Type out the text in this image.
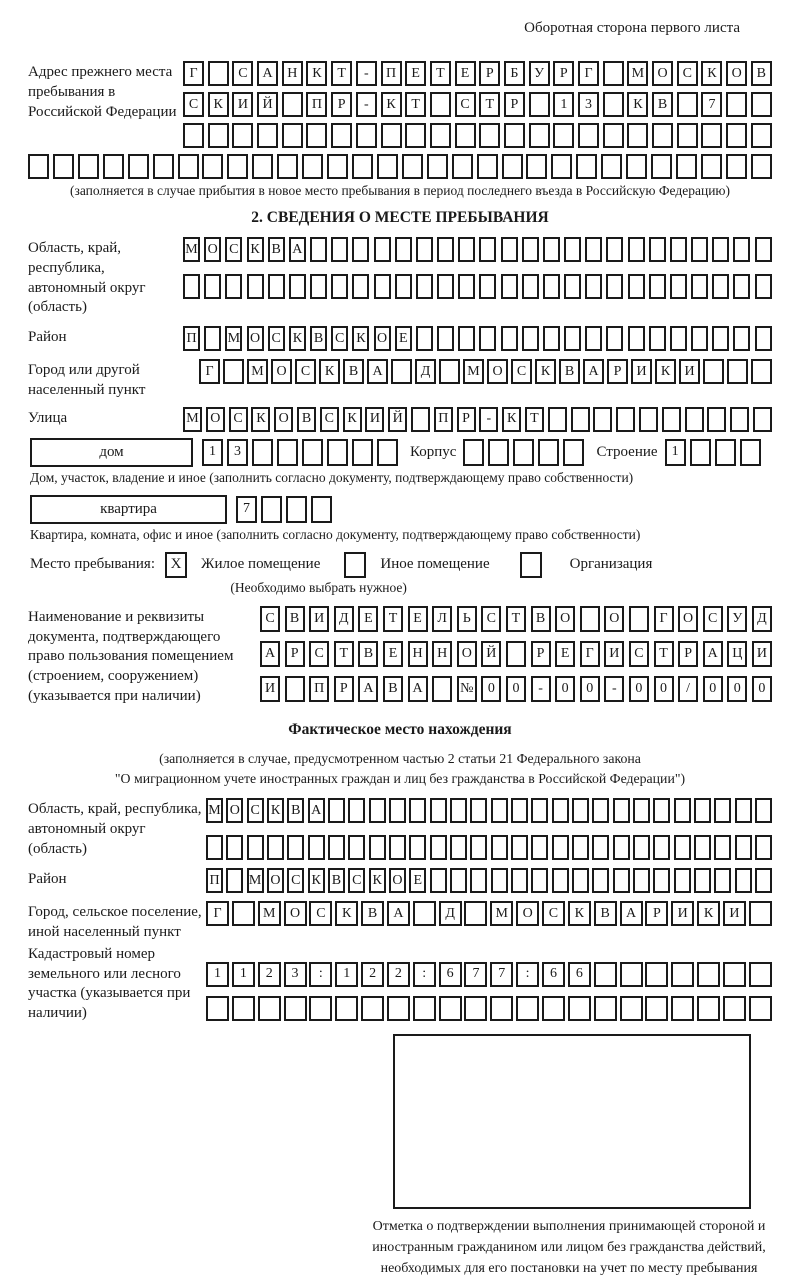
Оборотная сторона первого листа
Адрес прежнего места пребывания в Российской Федерации
Г	С	А	Н	К	Т	-	П	Е	Т	Е	Р	Б	У	Р	Г	М О	С	К	О	В
С	К	И	Й	П	Р	-	К	Т	С	Т	Р	1	3	К	В	7
(заполняется в случае прибытия в новое место пребывания в период последнего въезда в Российскую Федерацию)
2. СВЕДЕНИЯ О МЕСТЕ ПРЕБЫВАНИЯ
Область, край, республика, автономный округ (область)
М О С К В А
Район	П М О С К В С К О Е
Город или другой населенный пункт
Г	М О	С	К	В	А	Д	М О	С	К	В	А	Р	И	К	И
Улица	М О С К О В С К И Й	П Р	-	К Т
дом	1	3	Корпус	Строение	1
Дом, участок, владение и иное (заполнить согласно документу, подтверждающему право собственности)
квартира	7
Квартира, комната, офис и иное (заполнить согласно документу, подтверждающему право собственности)
Место пребывания:	X	Жилое помещение	Иное помещение	Организация
(Необходимо выбрать нужное)
Наименование и реквизиты документа, подтверждающего право пользования помещением (строением, сооружением) (указывается при наличии)
С	В	И	Д	Е	Т	Е	Л	Ь	С	Т	В	О	О	Г	О	С	У	Д
А	Р	С	Т	В	Е	Н	Н	О	Й	Р	Е	Г	И	С	Т	Р	А	Ц	И
И	П	Р	А	В	А	№	0	0	-	0	0	-	0	0	/	0	0	0
Фактическое место нахождения
(заполняется в случае, предусмотренном частью 2 статьи 21 Федерального закона
"О миграционном учете иностранных граждан и лиц без гражданства в Российской Федерации")
Область, край, республика, автономный округ (область)
М О С К В А
Район	П М О С К В С К О Е
Город, сельское поселение, иной населенный пункт
Г	М	О	С	К	В	А	Д	М	О	С	К	В	А	Р	И	К	И
Кадастровый номер земельного или лесного участка (указывается при наличии)
1	1	2	3	:	1	2	2	:	6	7	7	:	6	6
Отметка о подтверждении выполнения принимающей стороной и иностранным гражданином или лицом без гражданства действий, необходимых для его постановки на учет по месту пребывания
